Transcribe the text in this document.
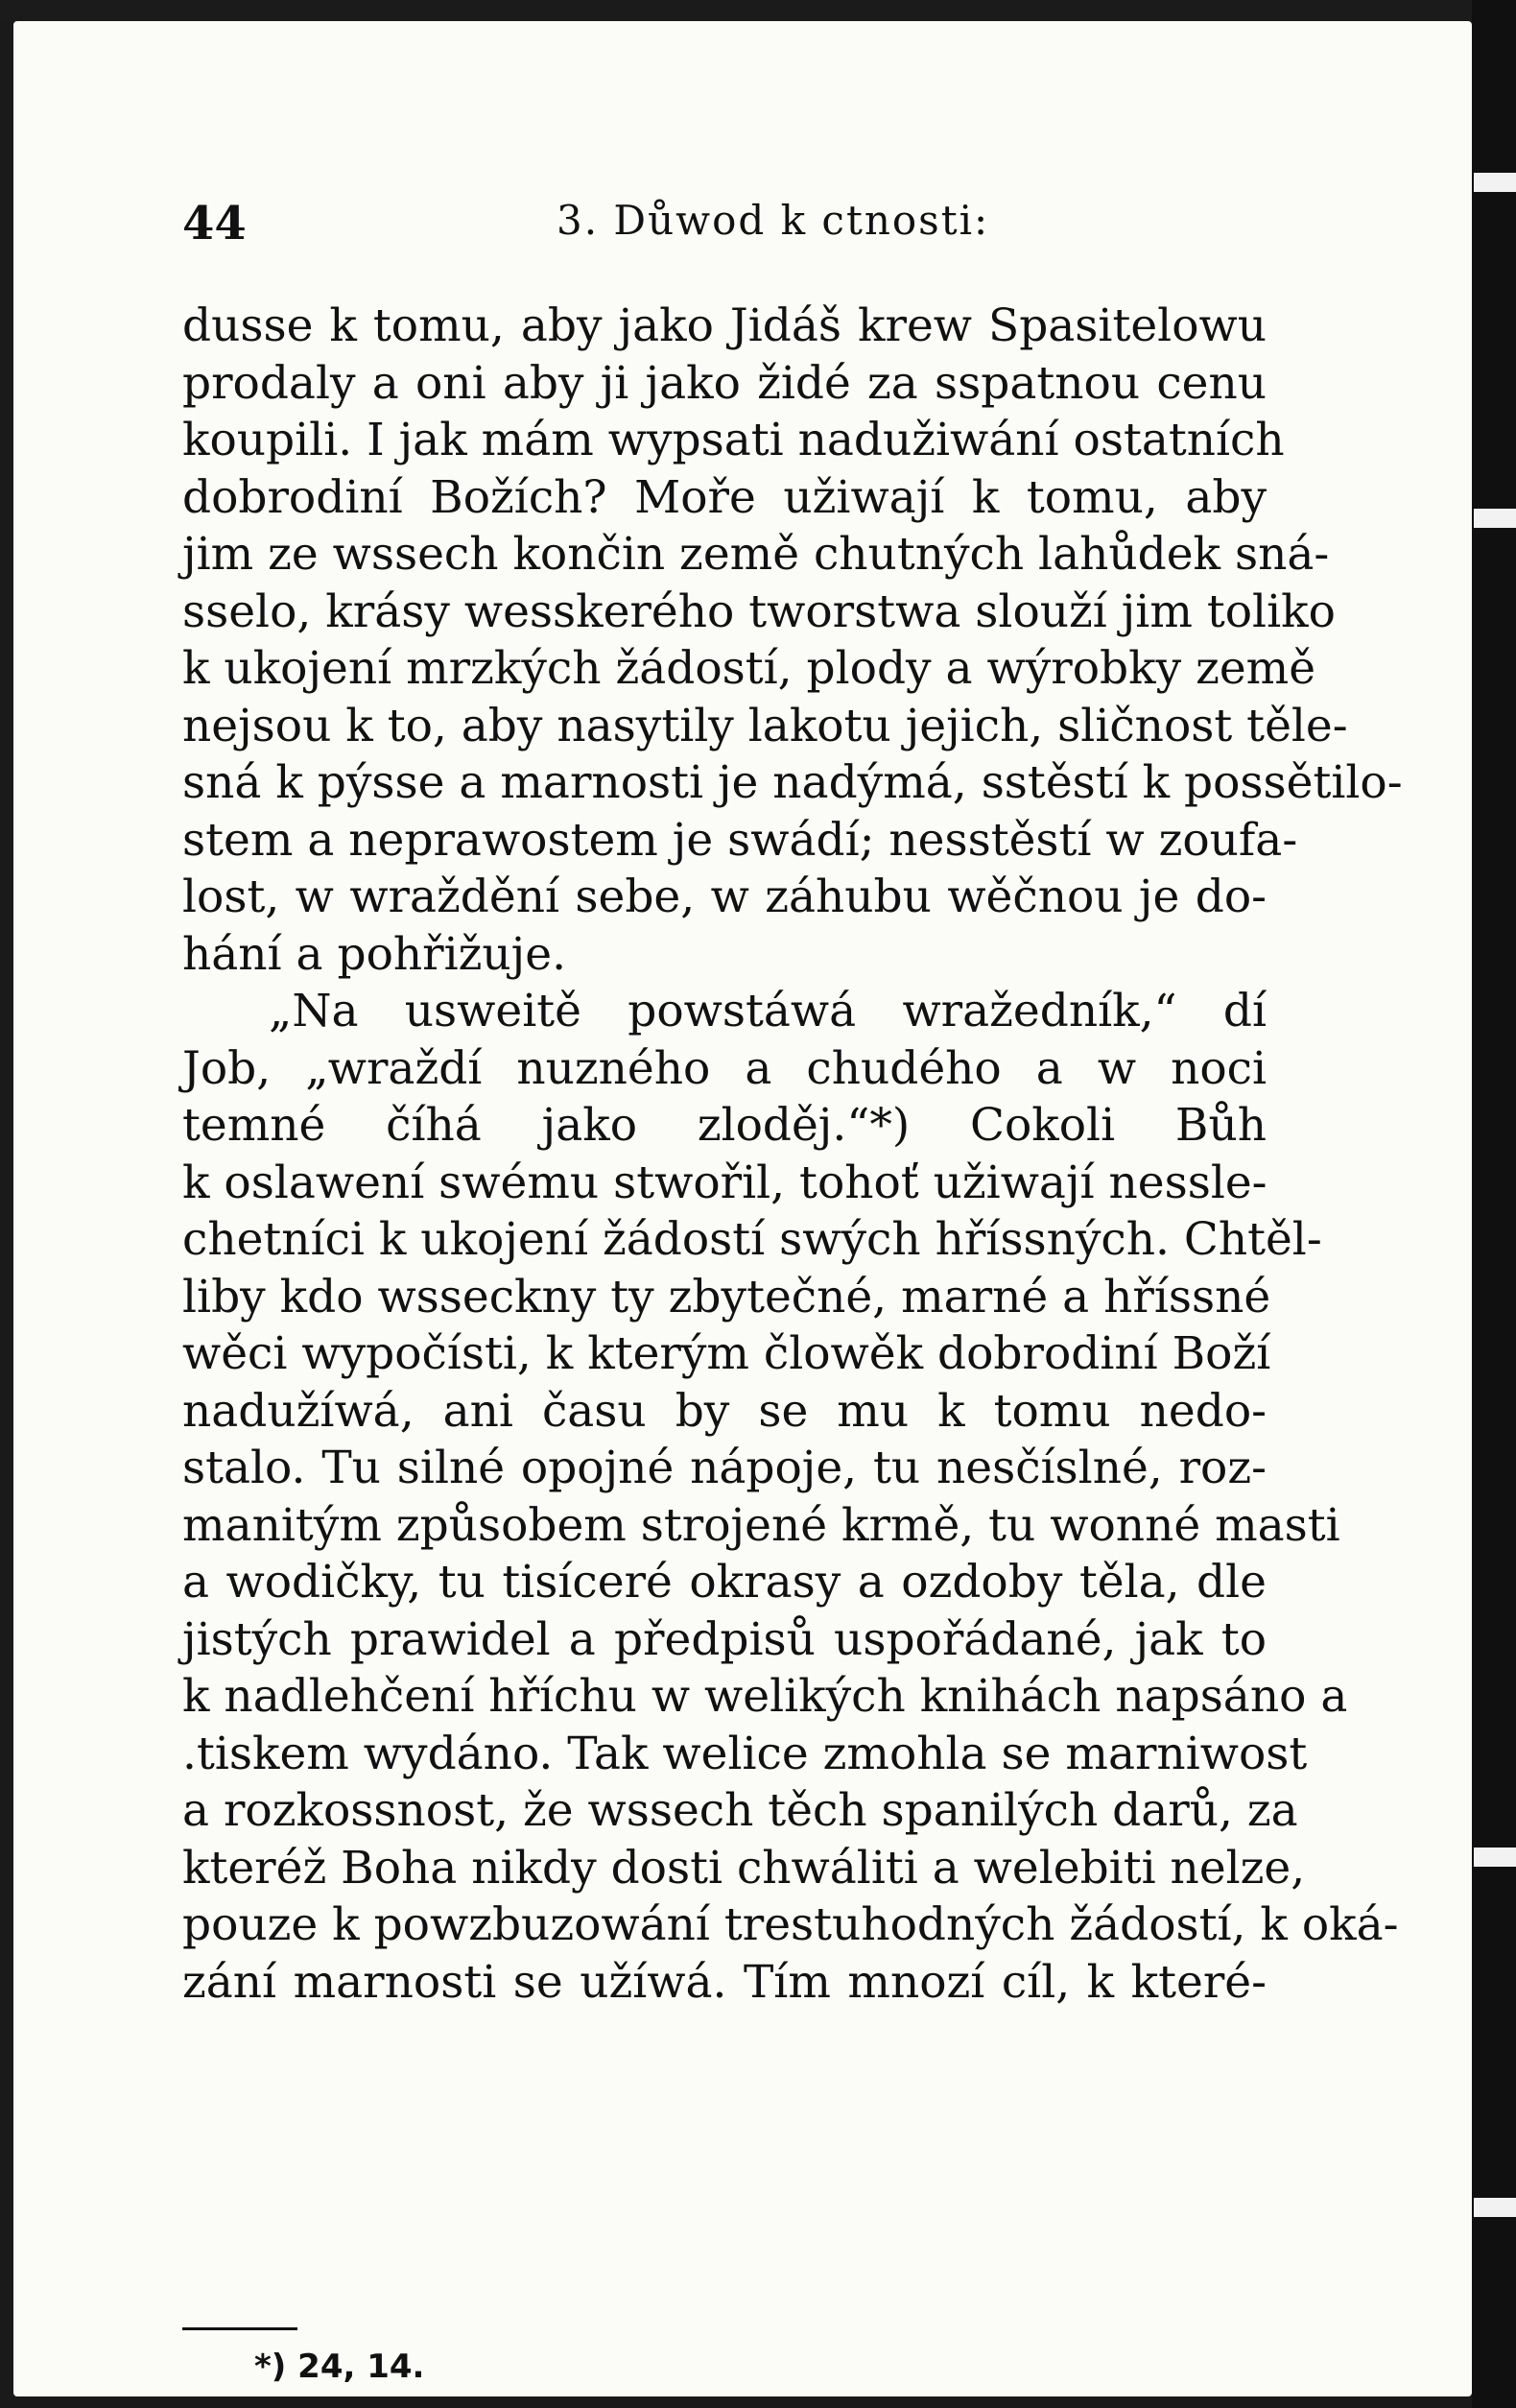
44	3. Důwod k ctnosti:
dusse k tomu, aby jako Jidáš krew Spasitelowu
prodaly a oni aby ji jako židé za sspatnou cenu
koupili. I jak mám wypsati nadužiwání ostatních
dobrodiní Božích? Moře užiwají k tomu, aby
jim ze wssech končin země chutných lahůdek sná-
sselo, krásy wesskerého tworstwa slouží jim toliko
k ukojení mrzkých žádostí, plody a wýrobky země
nejsou k to, aby nasytily lakotu jejich, sličnost těle-
sná k pýsse a marnosti je nadýmá, sstěstí k possětilo-
stem a neprawostem je swádí; nesstěstí w zoufa-
lost, w wraždění sebe, w záhubu wěčnou je do-
hání a pohřižuje.
„Na usweitě powstáwá wražedník,“ dí
Job, „wraždí nuzného a chudého a w noci
temné číhá jako zloděj.“*) Cokoli Bůh
k oslawení swému stwořil, tohoť užiwají nessle-
chetníci k ukojení žádostí swých hříssných. Chtěl-
liby kdo wsseckny ty zbytečné, marné a hříssné
wěci wypočísti, k kterým člowěk dobrodiní Boží
nadužíwá, ani času by se mu k tomu nedo-
stalo. Tu silné opojné nápoje, tu nesčíslné, roz-
manitým způsobem strojené krmě, tu wonné masti
a wodičky, tu tisíceré okrasy a ozdoby těla, dle
jistých prawidel a předpisů uspořádané, jak to
k nadlehčení hříchu w welikých knihách napsáno a
.tiskem wydáno. Tak welice zmohla se marniwost
a rozkossnost, že wssech těch spanilých darů, za
kteréž Boha nikdy dosti chwáliti a welebiti nelze,
pouze k powzbuzowání trestuhodných žádostí, k oká-
zání marnosti se užíwá. Tím mnozí cíl, k které-
*) 24, 14.
